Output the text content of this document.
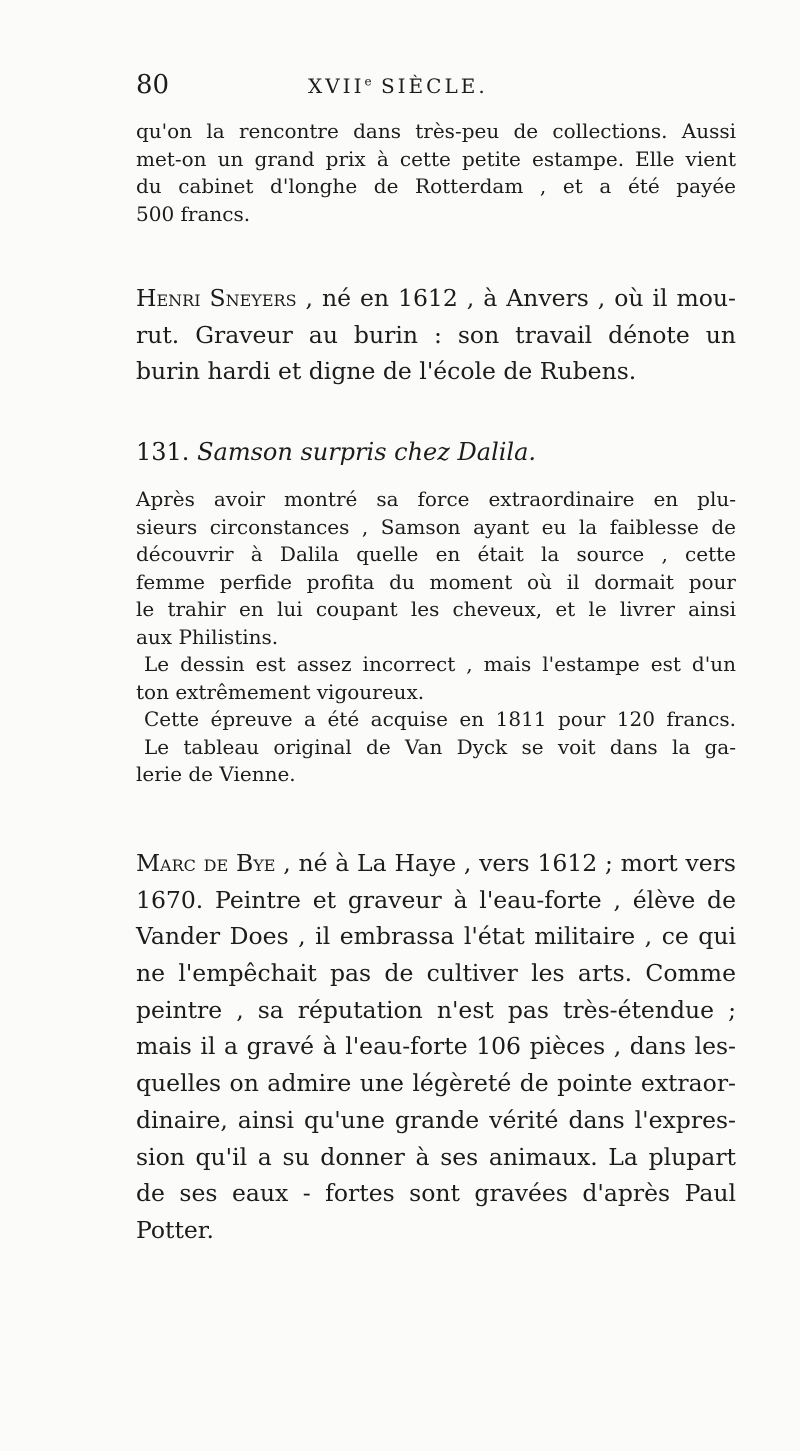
80	XVIIe SIÈCLE.
qu'on la rencontre dans très-peu de collections. Aussi
met-on un grand prix à cette petite estampe. Elle vient
du cabinet d'longhe de Rotterdam , et a été payée
500 francs.
Henri Sneyers , né en 1612 , à Anvers , où il mou-
rut. Graveur au burin : son travail dénote un
burin hardi et digne de l'école de Rubens.
131. Samson surpris chez Dalila.
Après avoir montré sa force extraordinaire en plu-
sieurs circonstances , Samson ayant eu la faiblesse de
découvrir à Dalila quelle en était la source , cette
femme perfide profita du moment où il dormait pour
le trahir en lui coupant les cheveux, et le livrer ainsi
aux Philistins.
Le dessin est assez incorrect , mais l'estampe est d'un
ton extrêmement vigoureux.
Cette épreuve a été acquise en 1811 pour 120 francs.
Le tableau original de Van Dyck se voit dans la ga-
lerie de Vienne.
Marc de Bye , né à La Haye , vers 1612 ; mort vers
1670. Peintre et graveur à l'eau-forte , élève de
Vander Does , il embrassa l'état militaire , ce qui
ne l'empêchait pas de cultiver les arts. Comme
peintre , sa réputation n'est pas très-étendue ;
mais il a gravé à l'eau-forte 106 pièces , dans les-
quelles on admire une légèreté de pointe extraor-
dinaire, ainsi qu'une grande vérité dans l'expres-
sion qu'il a su donner à ses animaux. La plupart
de ses eaux - fortes sont gravées d'après Paul
Potter.
